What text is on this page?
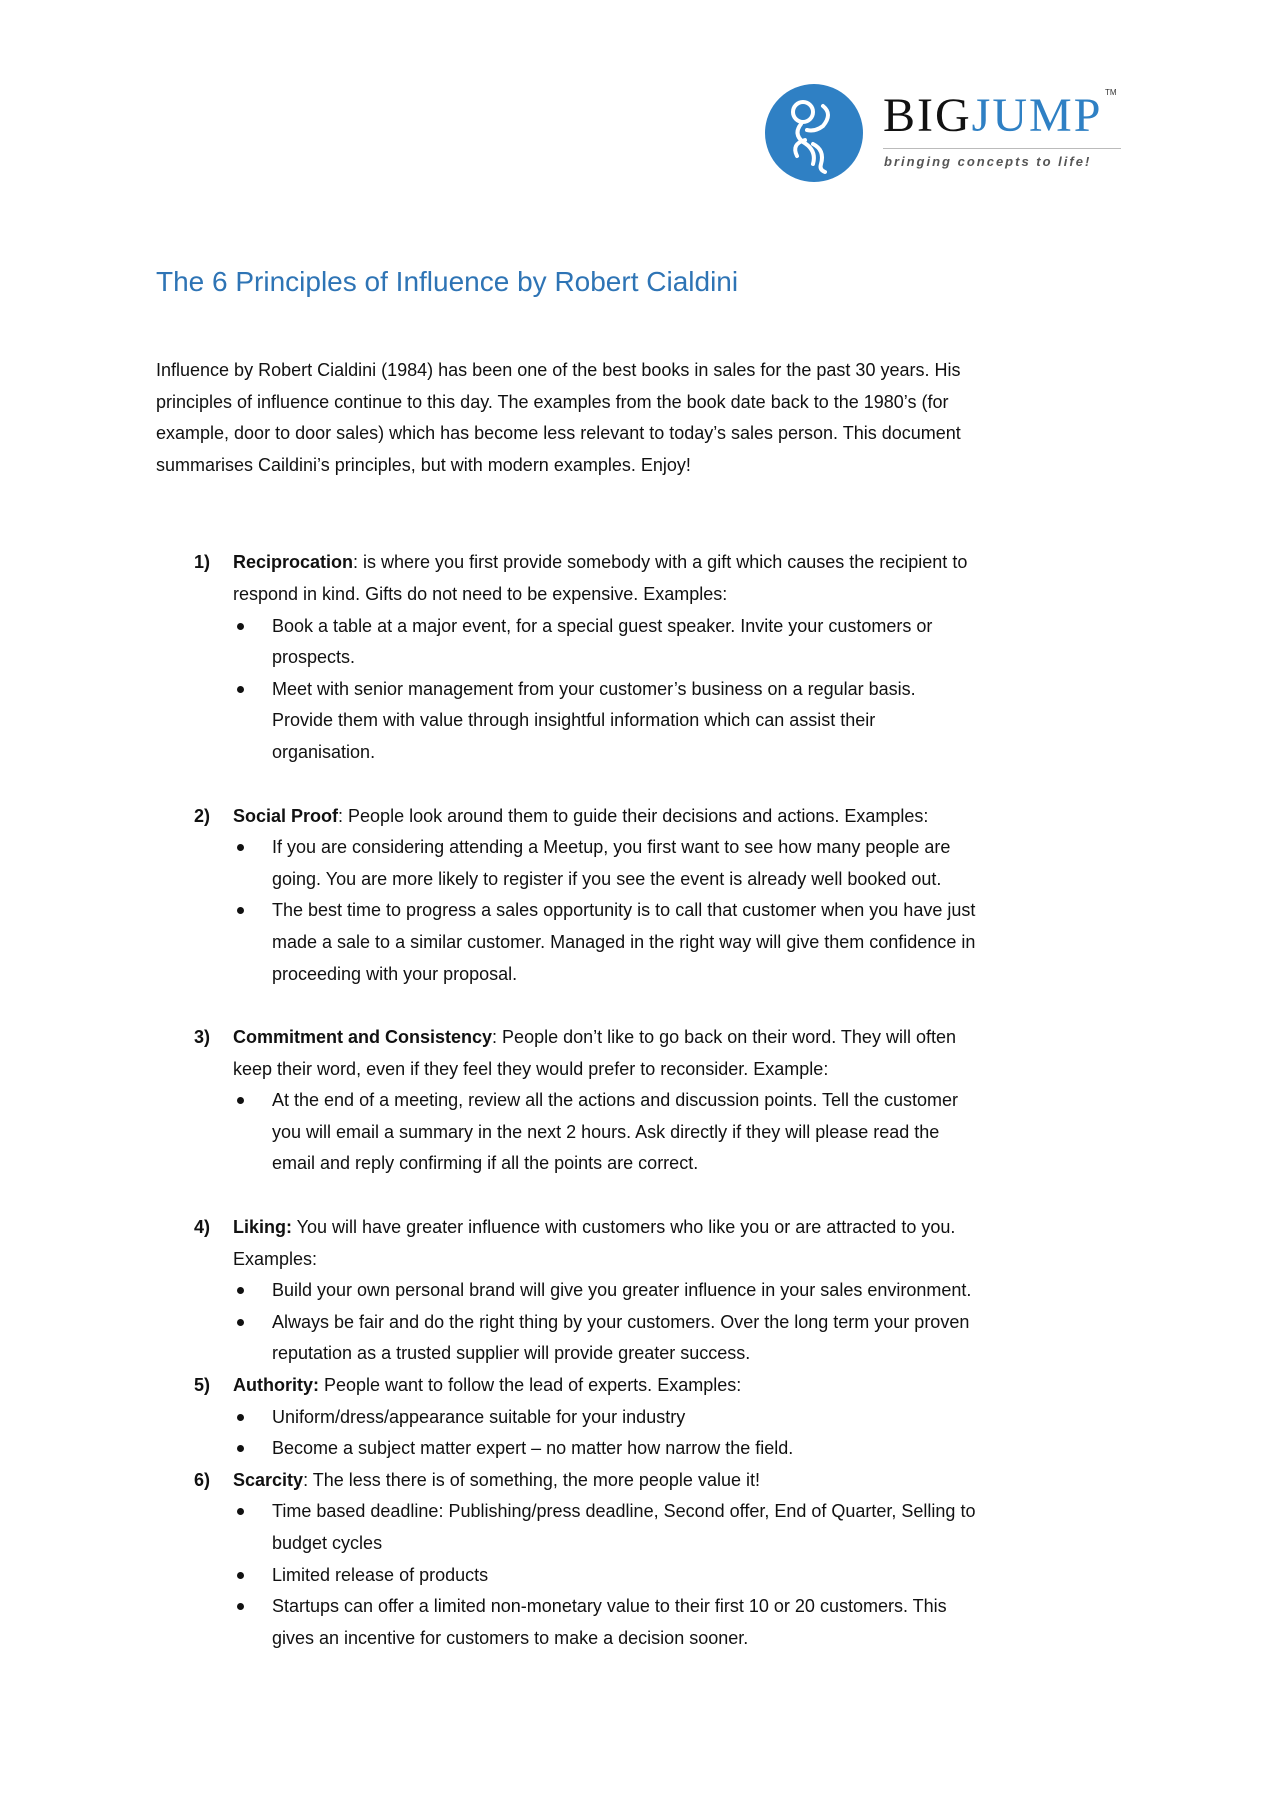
BIGJUMP TM
bringing concepts to life!
The 6 Principles of Influence by Robert Cialdini
Influence by Robert Cialdini (1984) has been one of the best books in sales for the past 30 years. His
principles of influence continue to this day. The examples from the book date back to the 1980’s (for
example, door to door sales) which has become less relevant to today’s sales person. This document
summarises Caildini’s principles, but with modern examples. Enjoy!
1) Reciprocation: is where you first provide somebody with a gift which causes the recipient to
respond in kind. Gifts do not need to be expensive. Examples:
Book a table at a major event, for a special guest speaker. Invite your customers or
prospects.
Meet with senior management from your customer’s business on a regular basis.
Provide them with value through insightful information which can assist their
organisation.
2) Social Proof: People look around them to guide their decisions and actions. Examples:
If you are considering attending a Meetup, you first want to see how many people are
going. You are more likely to register if you see the event is already well booked out.
The best time to progress a sales opportunity is to call that customer when you have just
made a sale to a similar customer. Managed in the right way will give them confidence in
proceeding with your proposal.
3) Commitment and Consistency: People don’t like to go back on their word. They will often
keep their word, even if they feel they would prefer to reconsider. Example:
At the end of a meeting, review all the actions and discussion points. Tell the customer
you will email a summary in the next 2 hours. Ask directly if they will please read the
email and reply confirming if all the points are correct.
4) Liking: You will have greater influence with customers who like you or are attracted to you.
Examples:
Build your own personal brand will give you greater influence in your sales environment.
Always be fair and do the right thing by your customers. Over the long term your proven
reputation as a trusted supplier will provide greater success.
5) Authority: People want to follow the lead of experts. Examples:
Uniform/dress/appearance suitable for your industry
Become a subject matter expert – no matter how narrow the field.
6) Scarcity: The less there is of something, the more people value it!
Time based deadline: Publishing/press deadline, Second offer, End of Quarter, Selling to
budget cycles
Limited release of products
Startups can offer a limited non-monetary value to their first 10 or 20 customers. This
gives an incentive for customers to make a decision sooner.
